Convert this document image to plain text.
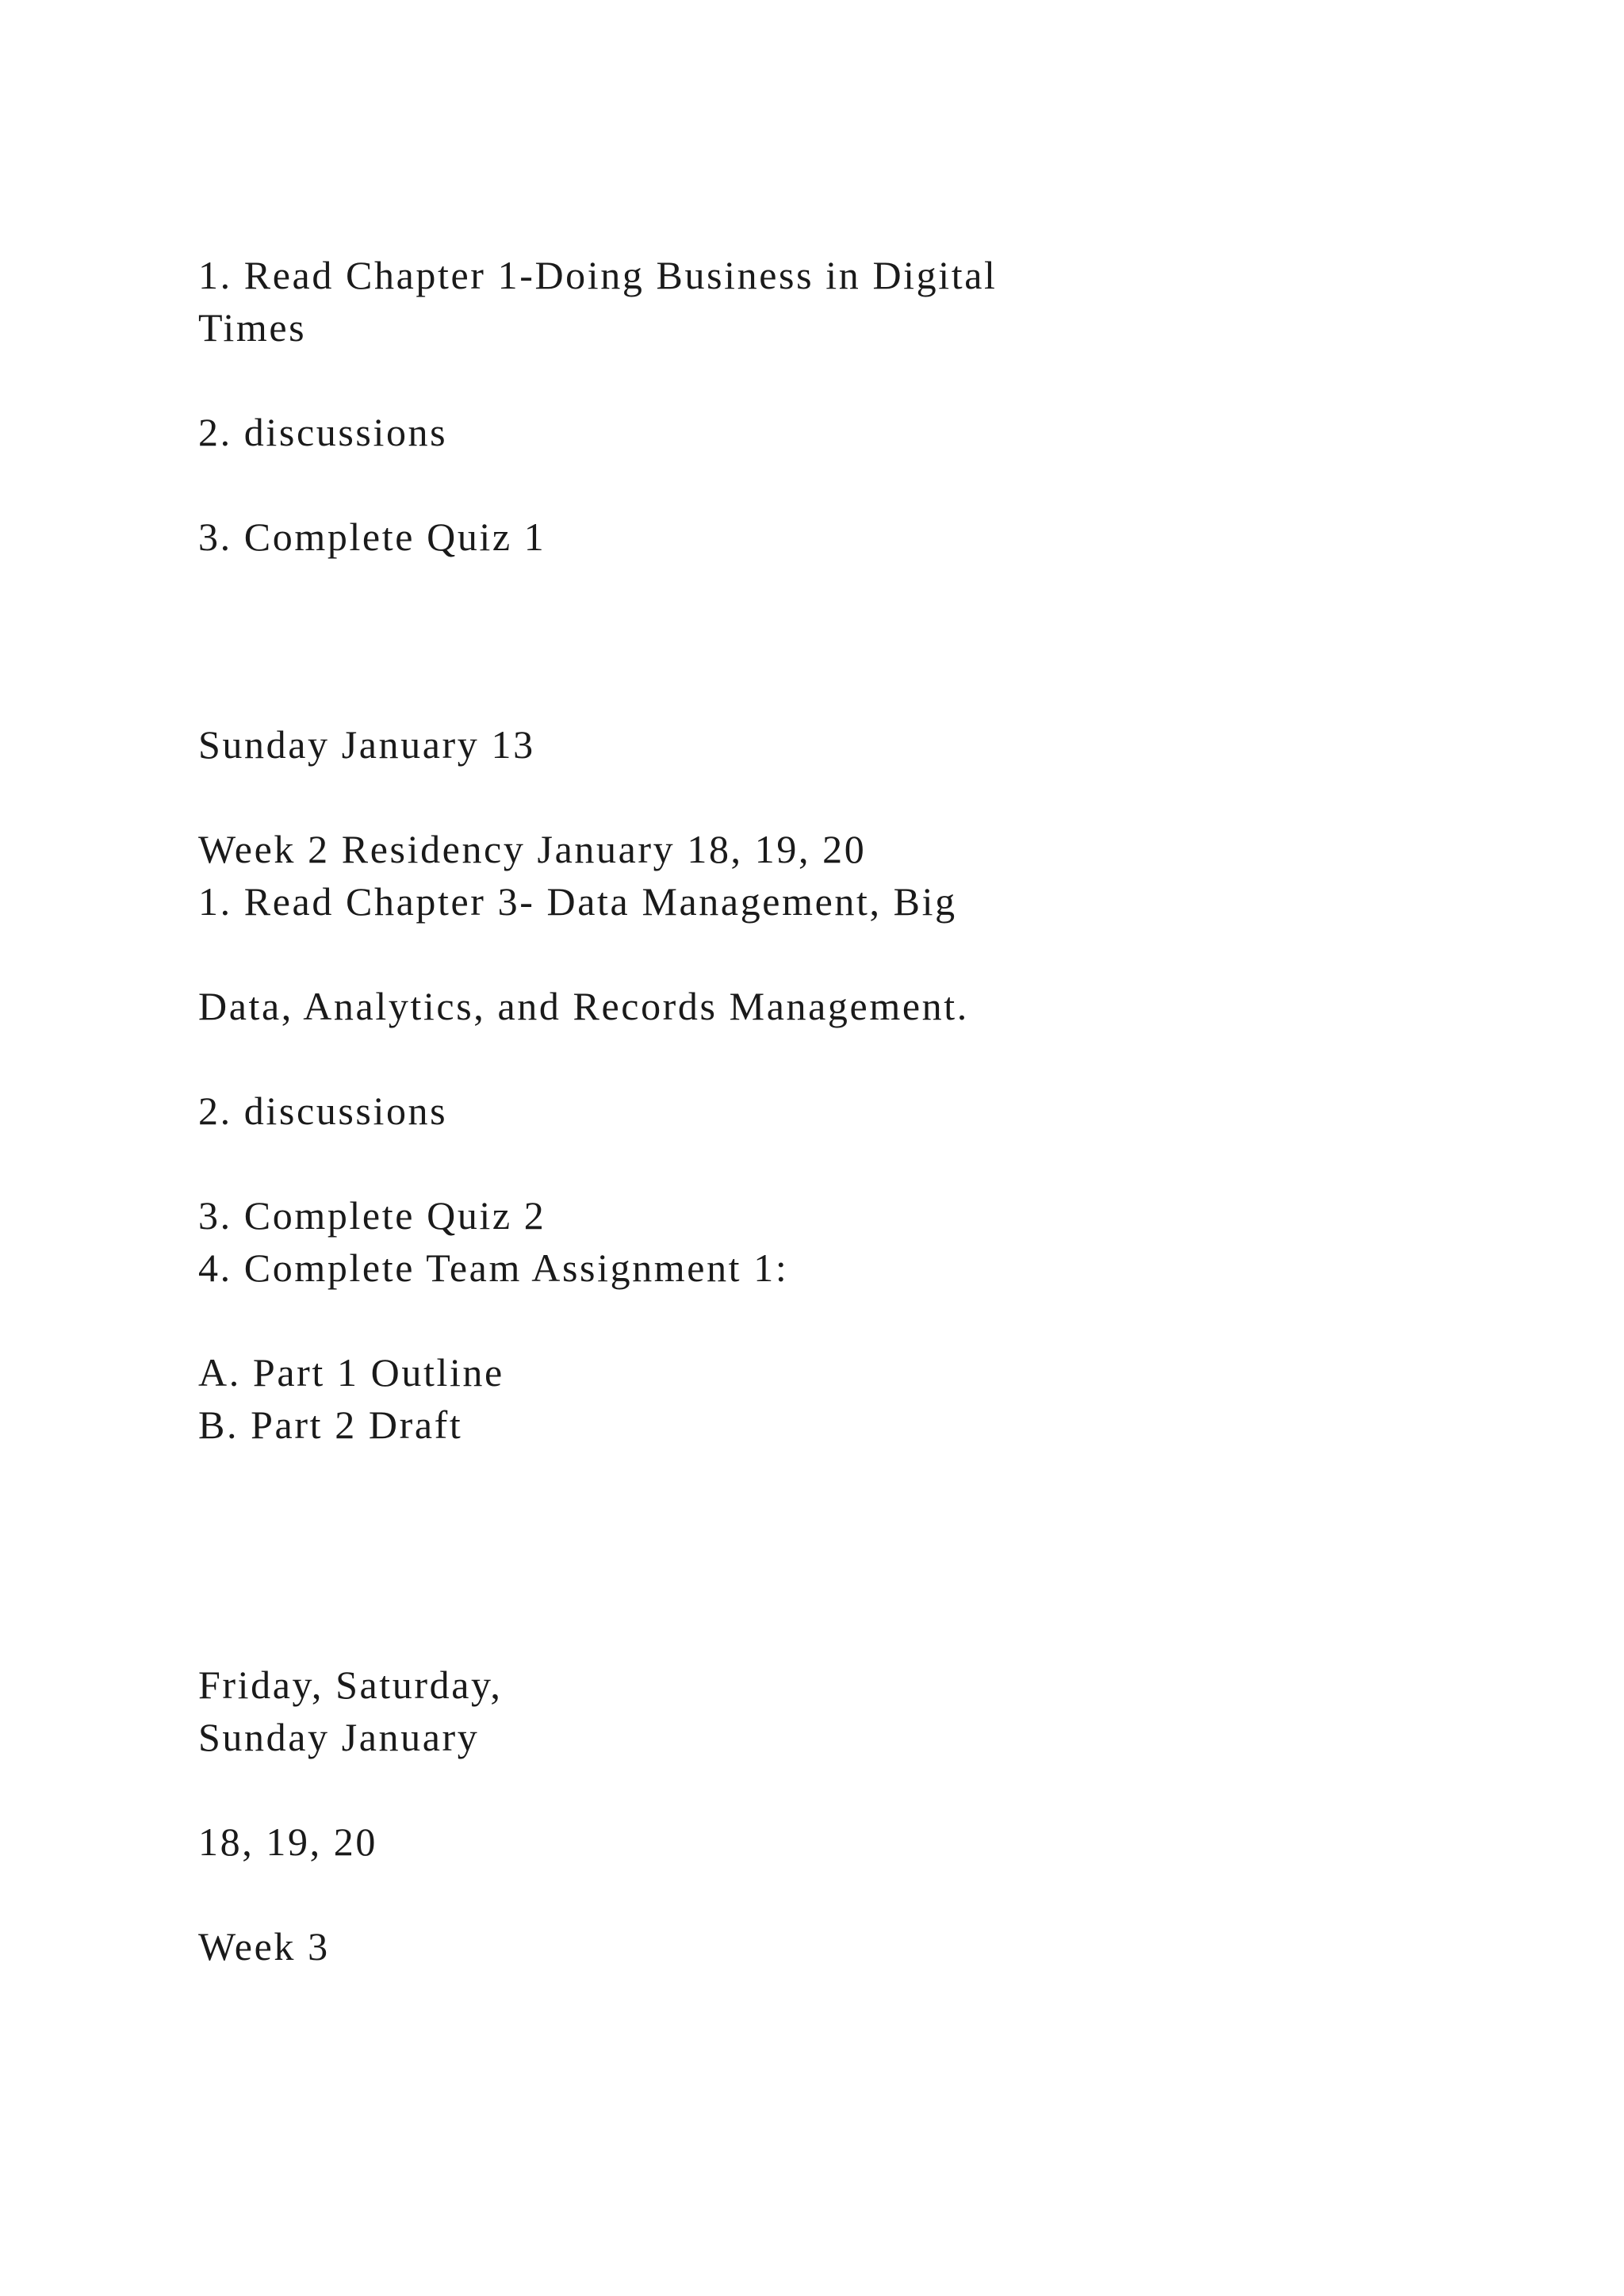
1. Read Chapter 1-Doing Business in Digital
Times
2. discussions
3. Complete Quiz 1
Sunday January 13
Week 2 Residency January 18, 19, 20
1. Read Chapter 3- Data Management, Big
Data, Analytics, and Records Management.
2. discussions
3. Complete Quiz 2
4. Complete Team Assignment 1:
A. Part 1 Outline
B. Part 2 Draft
Friday, Saturday,
Sunday January
18, 19, 20
Week 3
